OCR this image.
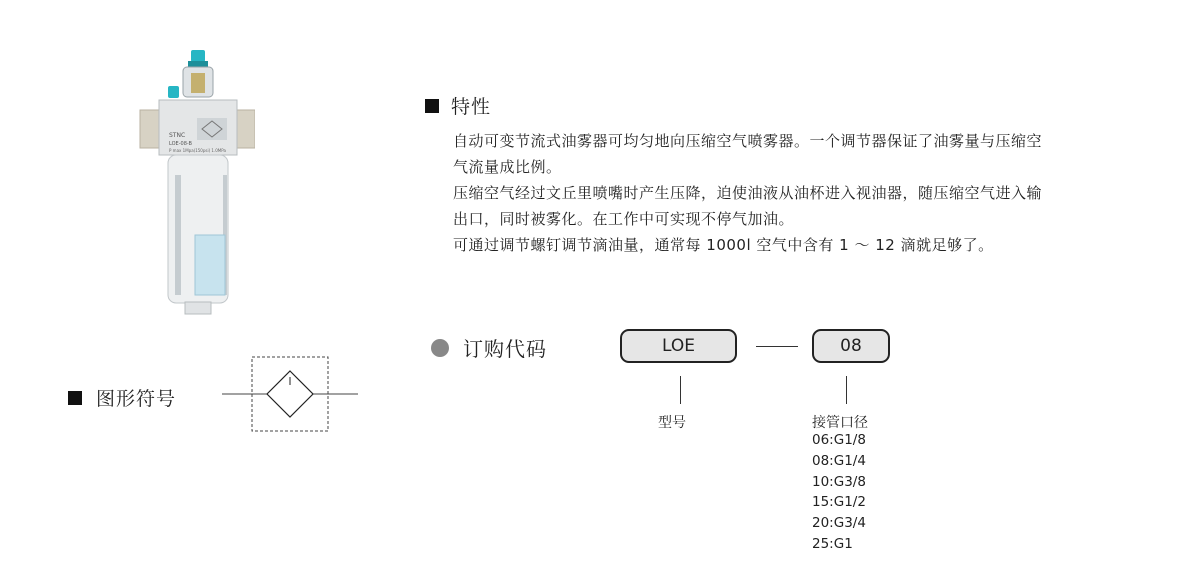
STNC
LOE-08-B
P max 1Mpa(150psi) 1.0MPa
特性
自动可变节流式油雾器可均匀地向压缩空气喷雾器。一个调节器保证了油雾量与压缩空
气流量成比例。
压缩空气经过文丘里喷嘴时产生压降，迫使油液从油杯进入视油器，随压缩空气进入输
出口，同时被雾化。在工作中可实现不停气加油。
可通过调节螺钉调节滴油量，通常每 1000l 空气中含有 1 ～ 12 滴就足够了。
图形符号
订购代码	LOE	08
型号	接管口径
06:G1/8
08:G1/4
10:G3/8
15:G1/2
20:G3/4
25:G1
